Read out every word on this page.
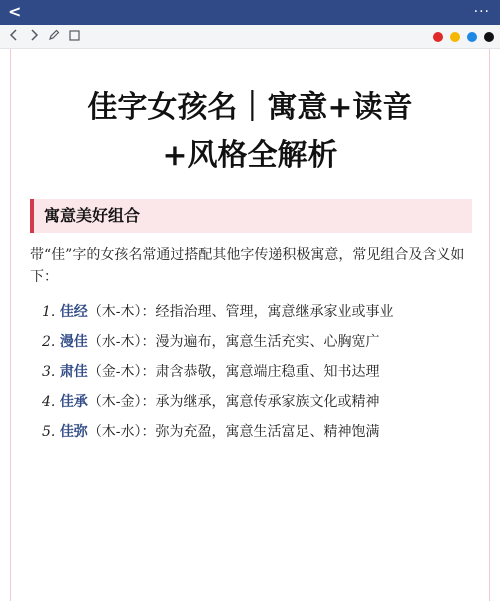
<	···
佳字女孩名｜寓意+读音
+风格全解析
寓意美好组合

带“佳”字的女孩名常通过搭配其他字传递积极寓意，常见组合及含义如下：

1. 佳经（木-木）：经指治理、管理，寓意继承家业或事业
2. 漫佳（水-木）：漫为遍布，寓意生活充实、心胸宽广
3. 肃佳（金-木）：肃含恭敬，寓意端庄稳重、知书达理
4. 佳承（木-金）：承为继承，寓意传承家族文化或精神
5. 佳弥（木-水）：弥为充盈，寓意生活富足、精神饱满
